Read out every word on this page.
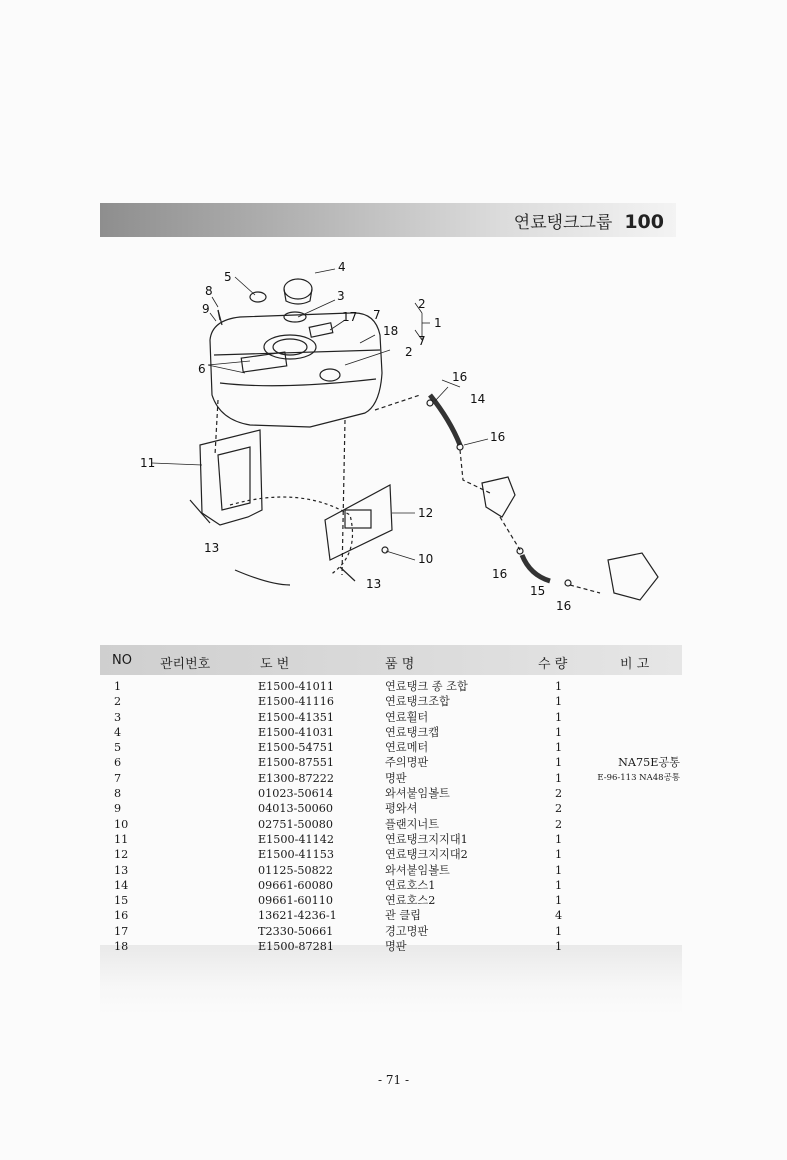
연료탱크그룹 100
4
5
8
9
3
17 7
18
2
6
2
7
1
16
14
16
11
12
13
10
13
16
15
16
NO 관리번호	도 번	품 명	수 량	비 고
1	E1500-41011	연료탱크 종 조합	1
2	E1500-41116	연료탱크조합	1
3	E1500-41351	연료휠터	1
4	E1500-41031	연료탱크캡	1
5	E1500-54751	연료메터	1
6	E1500-87551	주의명판	1	NA75E공통
7	E1300-87222	명판	1	E-96-113 NA48공통
8	01023-50614	와셔붙임볼트	2
9	04013-50060	평와셔	2
10	02751-50080	플랜지너트	2
11	E1500-41142	연료탱크지지대1	1
12	E1500-41153	연료탱크지지대2	1
13	01125-50822	와셔붙임볼트	1
14	09661-60080	연료호스1	1
15	09661-60110	연료호스2	1
16	13621-4236-1	관 클립	4
17	T2330-50661	경고명판	1
18	E1500-87281	명판	1
- 71 -
